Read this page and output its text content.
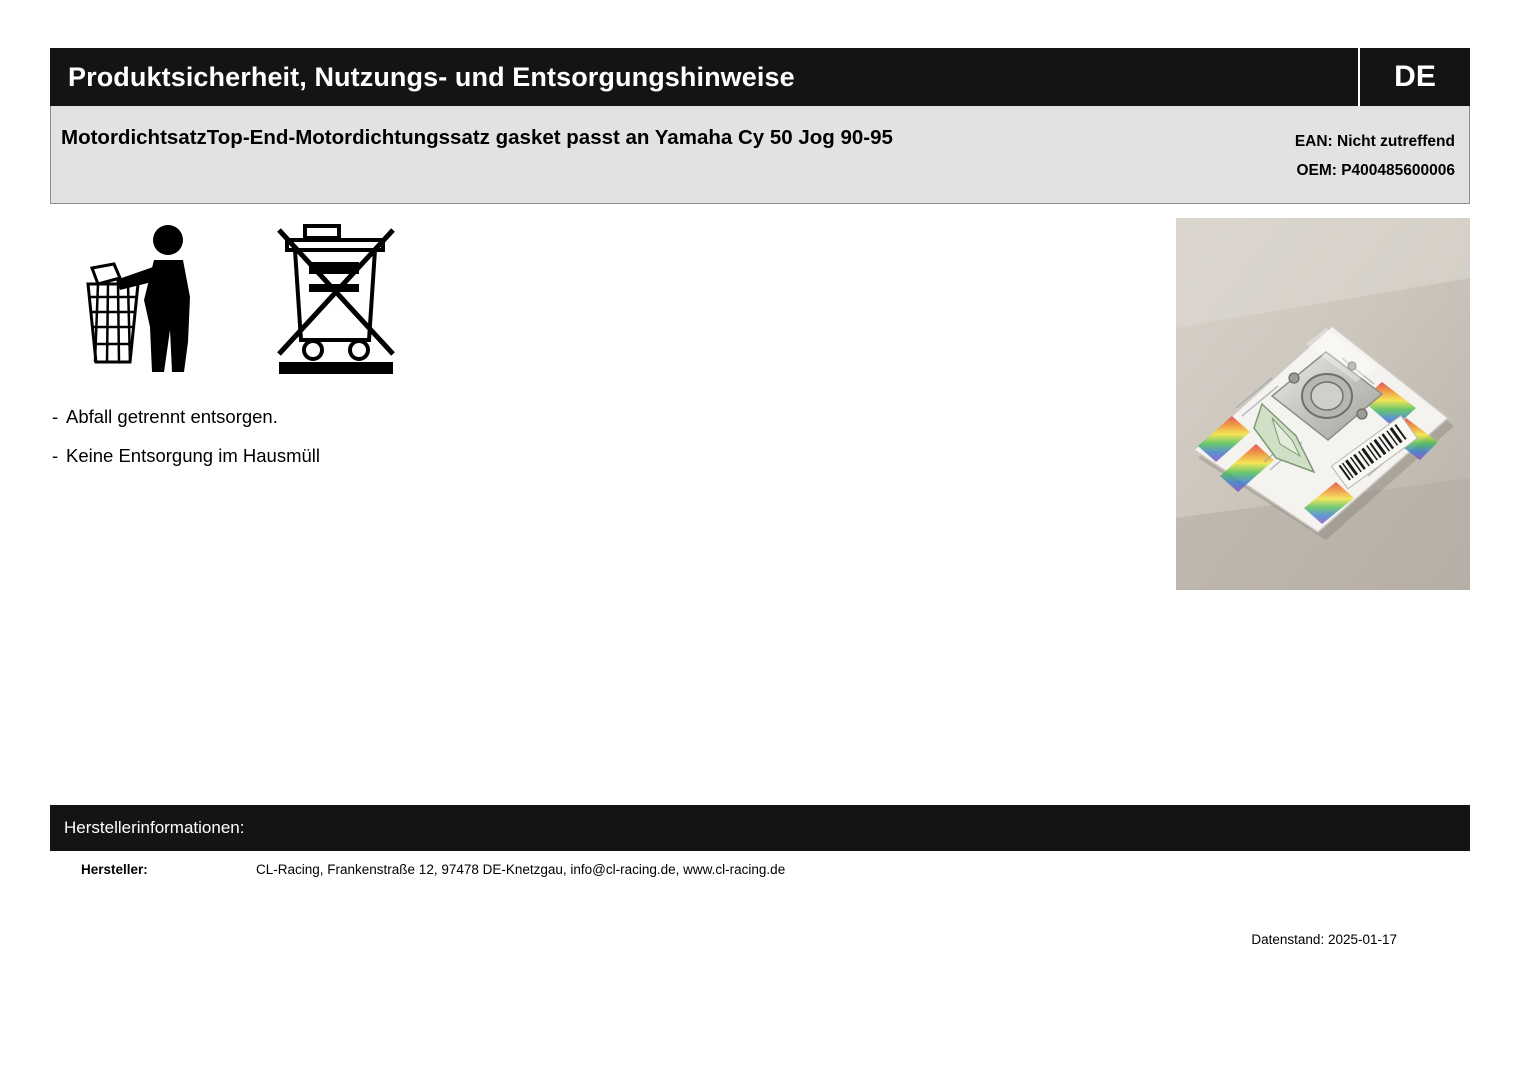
Produktsicherheit, Nutzungs- und Entsorgungshinweise	DE
MotordichtsatzTop-End-Motordichtungssatz gasket passt an Yamaha Cy 50 Jog 90-95	EAN: Nicht zutreffend
OEM: P400485600006
- Abfall getrennt entsorgen.
- Keine Entsorgung im Hausmüll
Herstellerinformationen:
Hersteller:	CL-Racing, Frankenstraße 12, 97478 DE-Knetzgau, info@cl-racing.de, www.cl-racing.de
Datenstand: 2025-01-17
